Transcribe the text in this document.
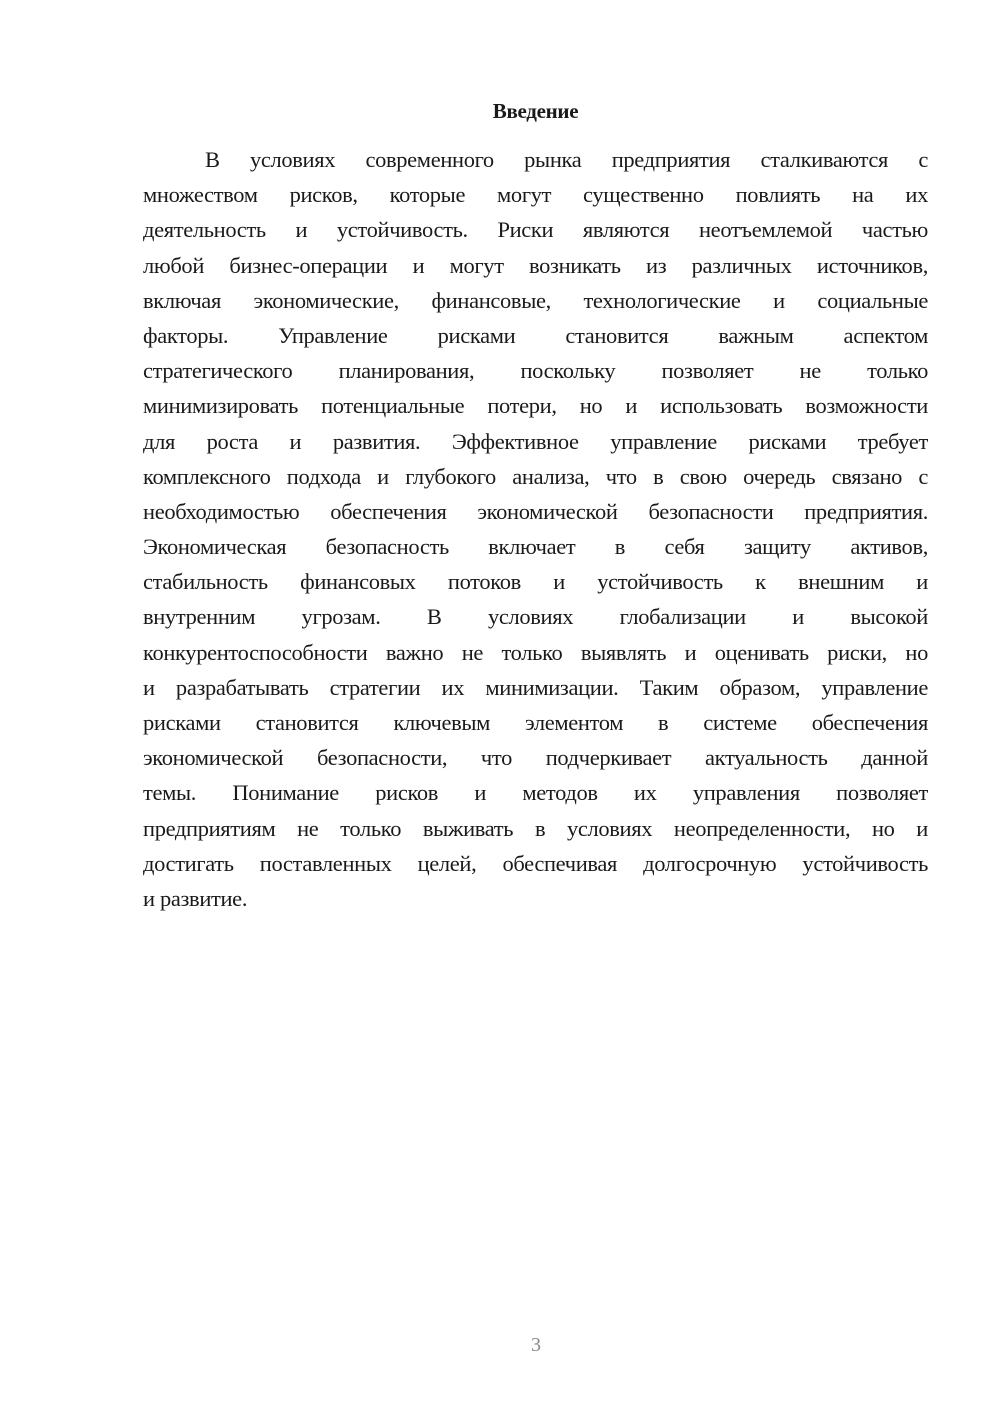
Введение
В условиях современного рынка предприятия сталкиваются с
множеством рисков, которые могут существенно повлиять на их
деятельность и устойчивость. Риски являются неотъемлемой частью
любой бизнес-операции и могут возникать из различных источников,
включая экономические, финансовые, технологические и социальные
факторы. Управление рисками становится важным аспектом
стратегического планирования, поскольку позволяет не только
минимизировать потенциальные потери, но и использовать возможности
для роста и развития. Эффективное управление рисками требует
комплексного подхода и глубокого анализа, что в свою очередь связано с
необходимостью обеспечения экономической безопасности предприятия.
Экономическая безопасность включает в себя защиту активов,
стабильность финансовых потоков и устойчивость к внешним и
внутренним угрозам. В условиях глобализации и высокой
конкурентоспособности важно не только выявлять и оценивать риски, но
и разрабатывать стратегии их минимизации. Таким образом, управление
рисками становится ключевым элементом в системе обеспечения
экономической безопасности, что подчеркивает актуальность данной
темы. Понимание рисков и методов их управления позволяет
предприятиям не только выживать в условиях неопределенности, но и
достигать поставленных целей, обеспечивая долгосрочную устойчивость
и развитие.
3
